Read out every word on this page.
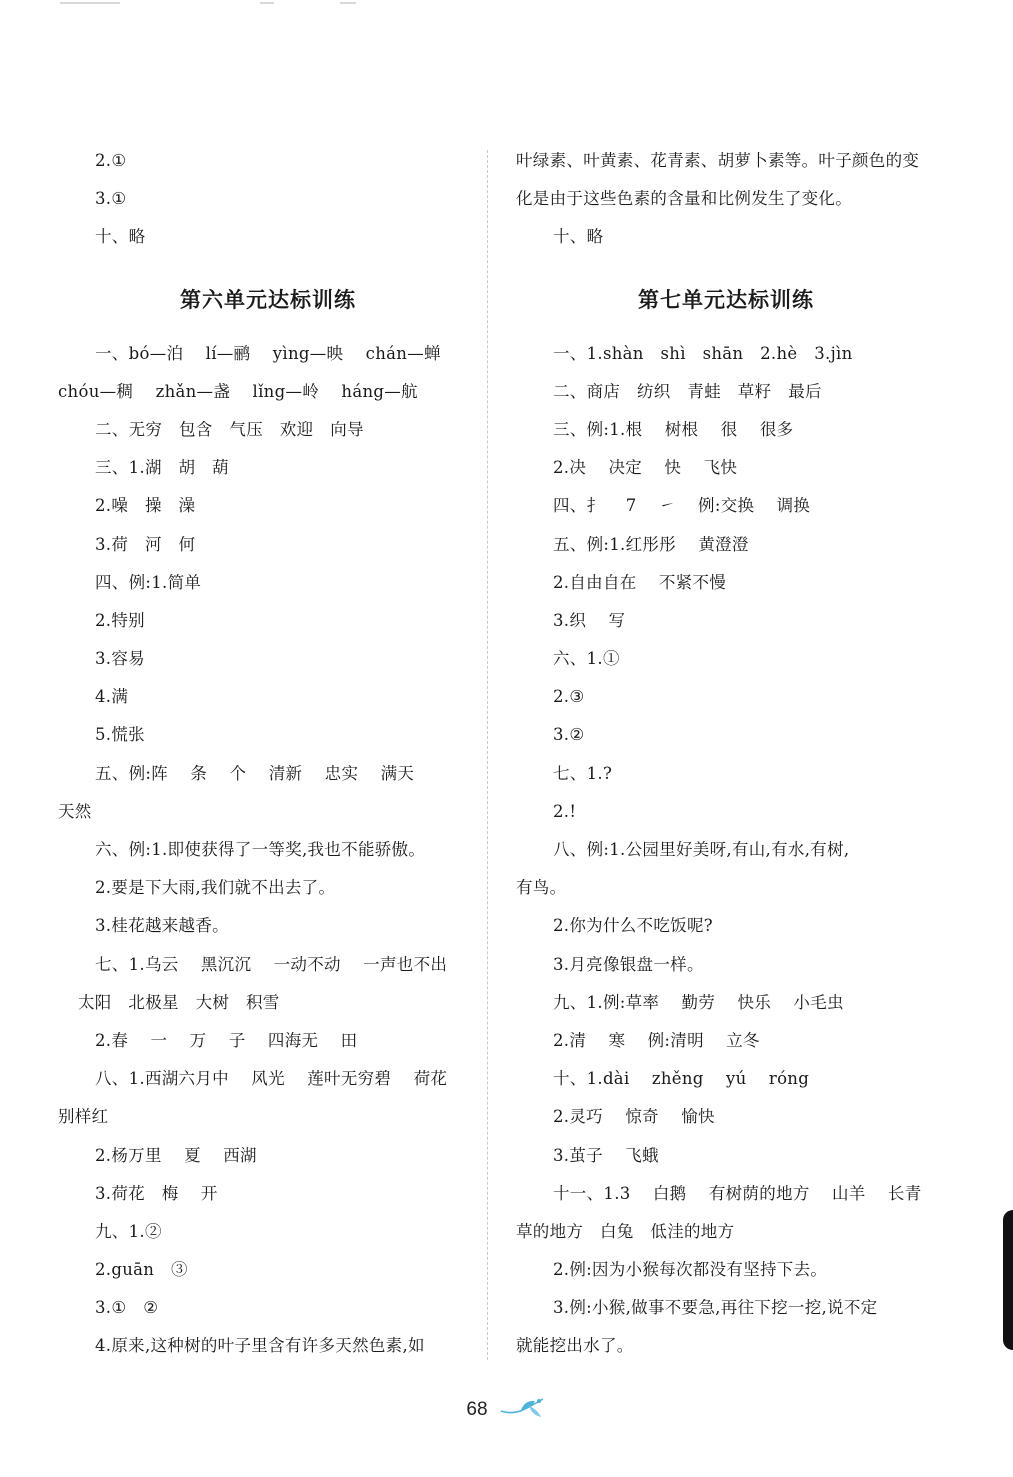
2.①
3.①
十、略
第六单元达标训练
一、bó—泊　 lí—鹂　 yìng—映　 chán—蝉
chóu—稠　 zhǎn—盏　 lǐng—岭　 háng—航
二、无穷　包含　气压　欢迎　向导
三、1.湖　胡　葫
2.噪　操　澡
3.荷　河　何
四、例:1.简单
2.特别
3.容易
4.满
5.慌张
五、例:阵　 条　 个　 清新　 忠实　 满天
天然
六、例:1.即使获得了一等奖,我也不能骄傲。
2.要是下大雨,我们就不出去了。
3.桂花越来越香。
七、1.乌云　 黑沉沉　 一动不动　 一声也不出
太阳　北极星　大树　积雪
2.春　 一　 万　 子　 四海无　 田
八、1.西湖六月中　 风光　 莲叶无穷碧　 荷花
别样红
2.杨万里　 夏　 西湖
3.荷花　梅　 开
九、1.②
2.guān　③
3.①　②
4.原来,这种树的叶子里含有许多天然色素,如
叶绿素、叶黄素、花青素、胡萝卜素等。叶子颜色的变
化是由于这些色素的含量和比例发生了变化。
十、略
第七单元达标训练
一、1.shàn　shì　shān　2.hè　3.jìn
二、商店　纺织　青蛙　草籽　最后
三、例:1.根　 树根　 很　 很多
2.决　 决定　 快　 飞快
四、扌　 7　 ㇀　 例:交换　 调换
五、例:1.红彤彤　 黄澄澄
2.自由自在　 不紧不慢
3.织　 写
六、1.①
2.③
3.②
七、1.?
2.!
八、例:1.公园里好美呀,有山,有水,有树,
有鸟。
2.你为什么不吃饭呢?
3.月亮像银盘一样。
九、1.例:草率　 勤劳　 快乐　 小毛虫
2.清　 寒　 例:清明　 立冬
十、1.dài　 zhěng　 yú　 róng
2.灵巧　 惊奇　 愉快
3.茧子　 飞蛾
十一、1.3　 白鹅　 有树荫的地方　 山羊　 长青
草的地方　白兔　低洼的地方
2.例:因为小猴每次都没有坚持下去。
3.例:小猴,做事不要急,再往下挖一挖,说不定
就能挖出水了。
68
